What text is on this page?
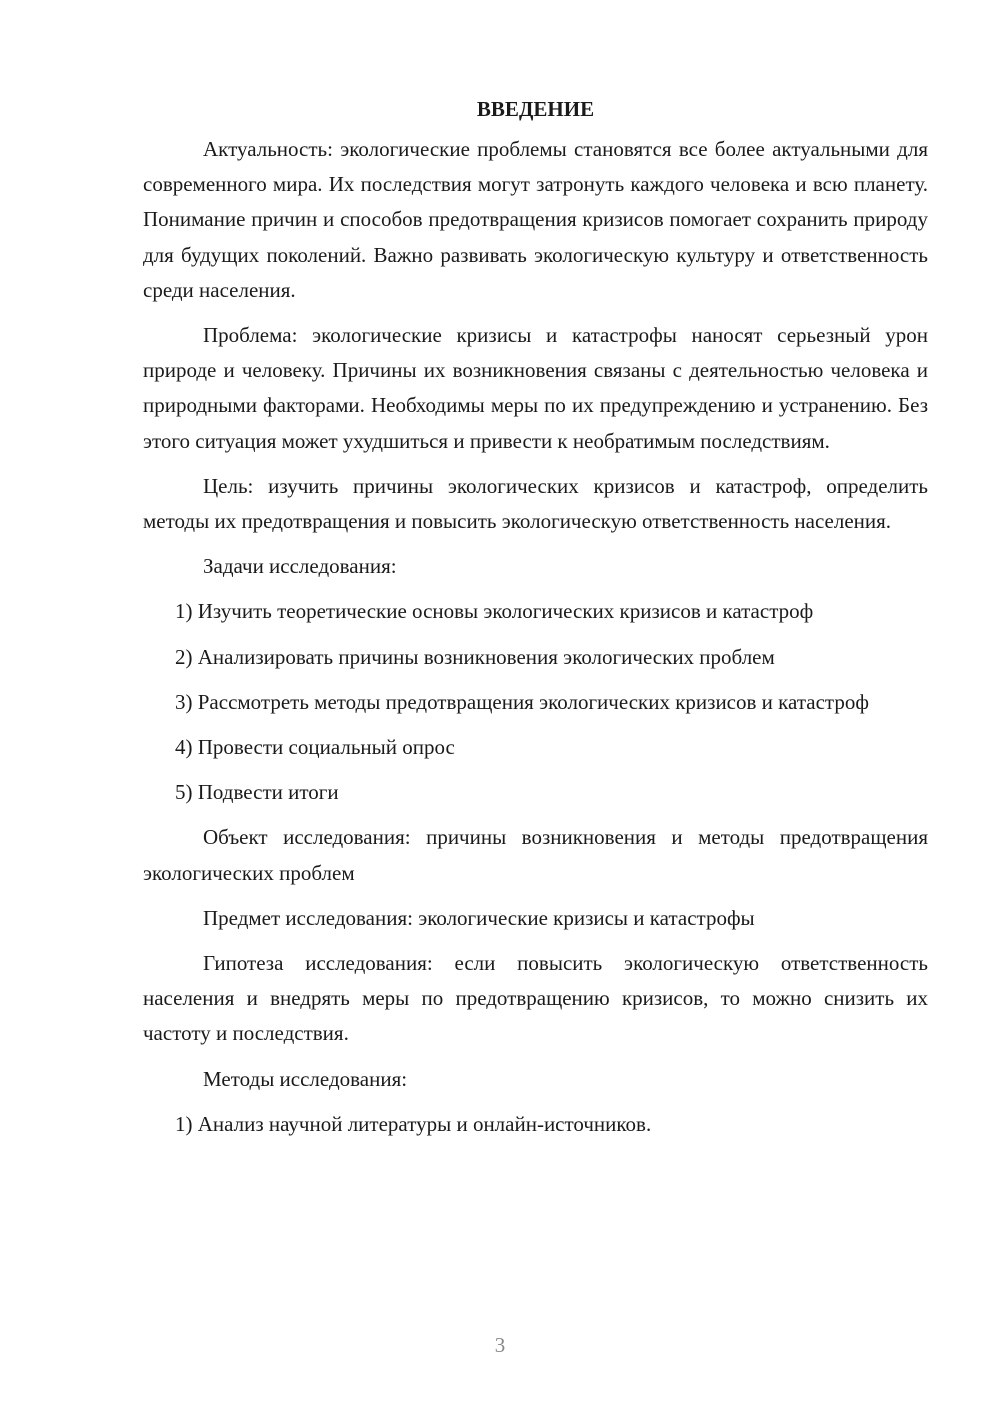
ВВЕДЕНИЕ

Актуальность: экологические проблемы становятся все более актуальными для современного мира. Их последствия могут затронуть каждого человека и всю планету. Понимание причин и способов предотвращения кризисов помогает сохранить природу для будущих поколений. Важно развивать экологическую культуру и ответственность среди населения.

Проблема: экологические кризисы и катастрофы наносят серьезный урон природе и человеку. Причины их возникновения связаны с деятельностью человека и природными факторами. Необходимы меры по их предупреждению и устранению. Без этого ситуация может ухудшиться и привести к необратимым последствиям.

Цель: изучить причины экологических кризисов и катастроф, определить методы их предотвращения и повысить экологическую ответственность населения.

Задачи исследования:

1) Изучить теоретические основы экологических кризисов и катастроф

2) Анализировать причины возникновения экологических проблем

3) Рассмотреть методы предотвращения экологических кризисов и катастроф

4) Провести социальный опрос

5) Подвести итоги

Объект исследования: причины возникновения и методы предотвращения экологических проблем

Предмет исследования: экологические кризисы и катастрофы

Гипотеза исследования: если повысить экологическую ответственность населения и внедрять меры по предотвращению кризисов, то можно снизить их частоту и последствия.

Методы исследования:

1) Анализ научной литературы и онлайн-источников.

3
